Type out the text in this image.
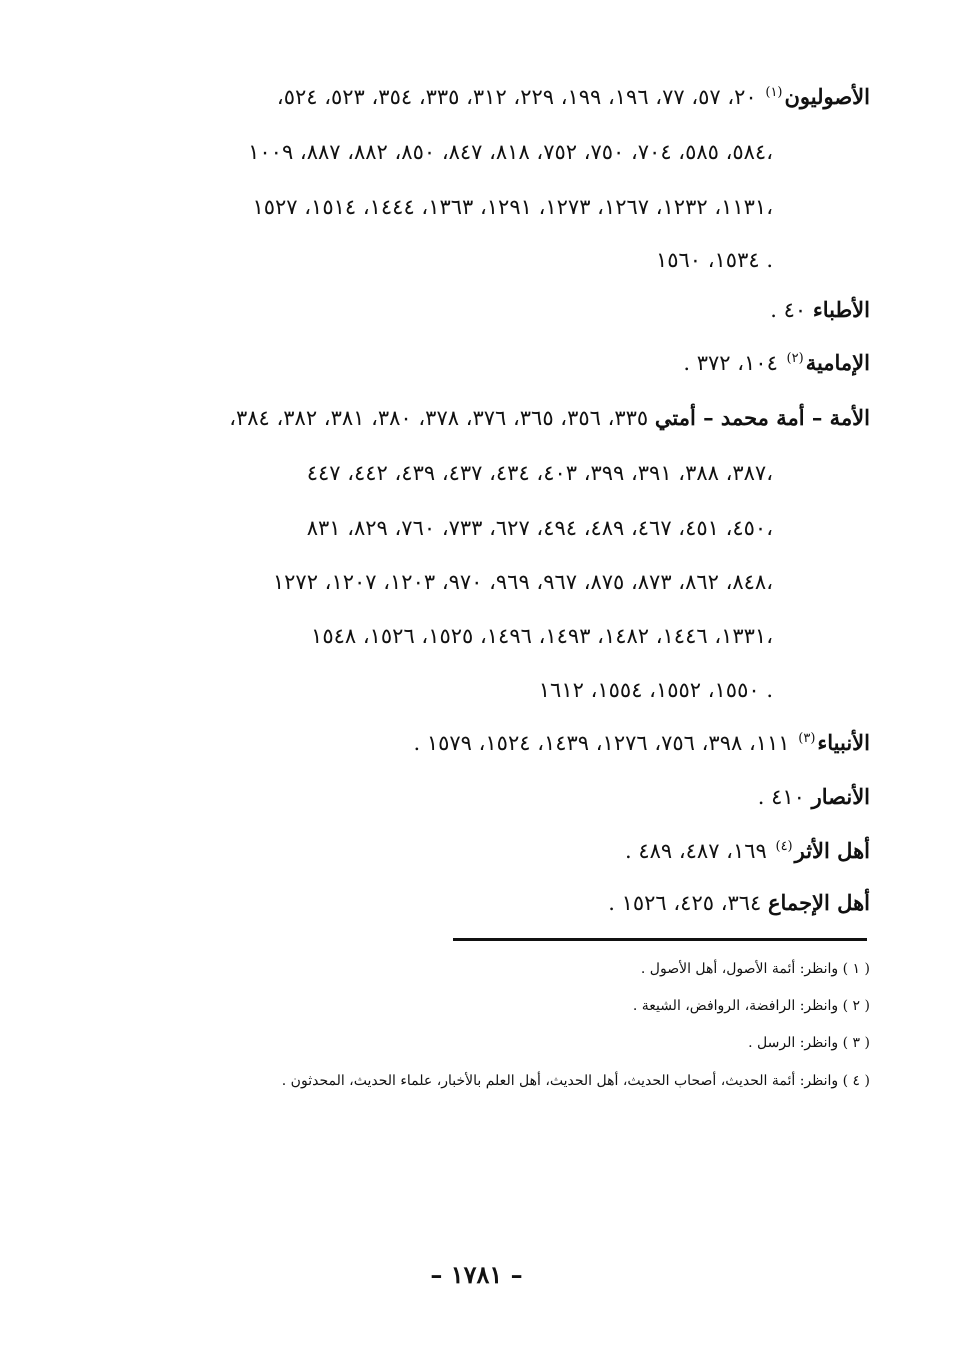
الأصوليون$^{(١)}$ ٢٠، ٥٧، ٧٧، ١٩٦، ١٩٩، ٢٢٩، ٣١٢، ٣٣٥، ٣٥٤، ٥٢٣، ٥٢٤،
٥٨٤، ٥٨٥، ٧٠٤، ٧٥٠، ٧٥٢، ٨١٨، ٨٤٧، ٨٥٠، ٨٨٢، ٨٨٧، ١٠٠٩،
١١٣١، ١٢٣٢، ١٢٦٧، ١٢٧٣، ١٢٩١، ١٣٦٣، ١٤٤٤، ١٥١٤، ١٥٢٧،
١٥٣٤، ١٥٦٠ .
الأطباء ٤٠ .
الإمامية$^{(٢)}$ ١٠٤، ٣٧٢ .
الأمة – أمة محمد – أمتي ٣٣٥، ٣٥٦، ٣٦٥، ٣٧٦، ٣٧٨، ٣٨٠، ٣٨١، ٣٨٢، ٣٨٤،
٣٨٧، ٣٨٨، ٣٩١، ٣٩٩، ٤٠٣، ٤٣٤، ٤٣٧، ٤٣٩، ٤٤٢، ٤٤٧،
٤٥٠، ٤٥١، ٤٦٧، ٤٨٩، ٤٩٤، ٦٢٧، ٧٣٣، ٧٦٠، ٨٢٩، ٨٣١،
٨٤٨، ٨٦٢، ٨٧٣، ٨٧٥، ٩٦٧، ٩٦٩، ٩٧٠، ١٢٠٣، ١٢٠٧، ١٢٧٢،
١٣٣١، ١٤٤٦، ١٤٨٢، ١٤٩٣، ١٤٩٦، ١٥٢٥، ١٥٢٦، ١٥٤٨،
١٥٥٠، ١٥٥٢، ١٥٥٤، ١٦١٢ .
الأنبياء$^{(٣)}$ ١١١، ٣٩٨، ٧٥٦، ١٢٧٦، ١٤٣٩، ١٥٢٤، ١٥٧٩ .
الأنصار ٤١٠ .
أهل الأثر$^{(٤)}$ ١٦٩، ٤٨٧، ٤٨٩ .
أهل الإجماع ٣٦٤، ٤٢٥، ١٥٢٦ .
( ١ ) وانظر: أئمة الأصول، أهل الأصول .
( ٢ ) وانظر: الرافضة، الروافض، الشيعة .
( ٣ ) وانظر: الرسل .
( ٤ ) وانظر: أئمة الحديث، أصحاب الحديث، أهل الحديث، أهل العلم بالأخبار، علماء الحديث، المحدثون .
– ١٧٨١ –
